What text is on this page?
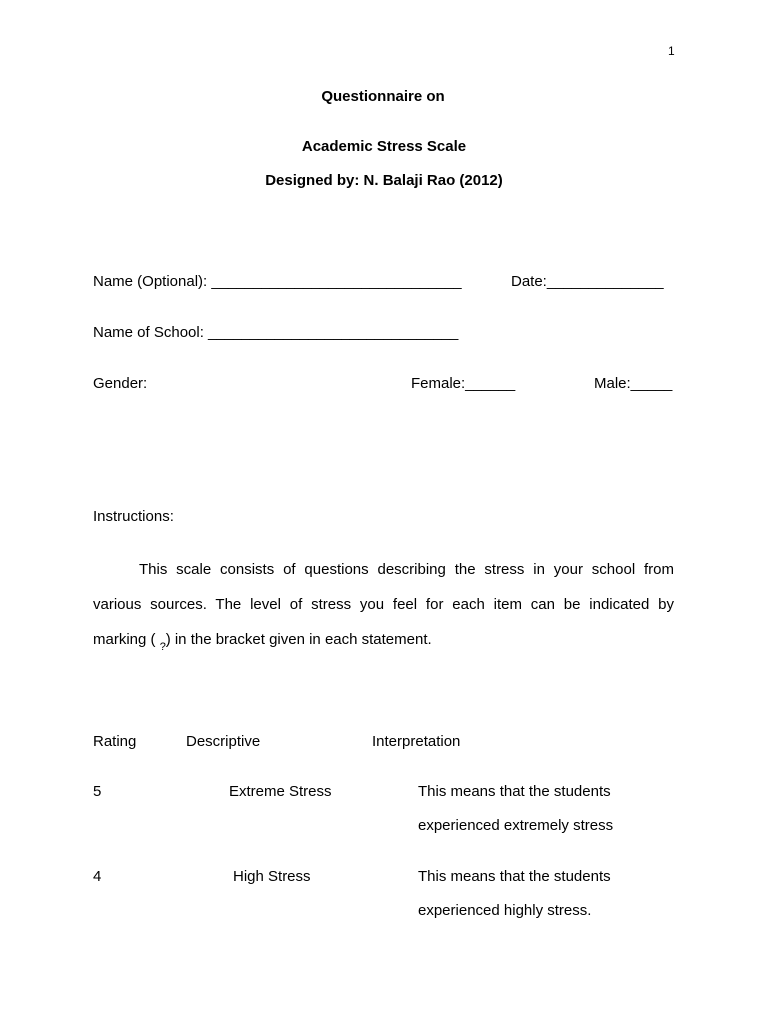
1
Questionnaire on
Academic Stress Scale
Designed by: N. Balaji Rao (2012)
Name (Optional): ______________________________	Date:______________
Name of School: ______________________________
Gender:	Female:______	Male:_____
Instructions:
This scale consists of questions describing the stress in your school from
various sources. The level of stress you feel for each item can be indicated by
marking ( ? ) in the bracket given in each statement.
Rating	Descriptive	Interpretation
5	Extreme Stress	This means that the students
experienced extremely stress
4	High Stress	This means that the students
experienced highly stress.
